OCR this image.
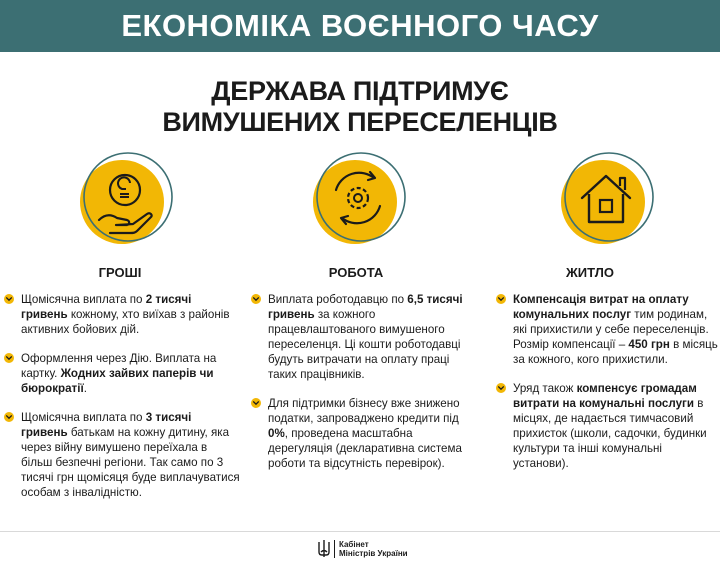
ЕКОНОМІКА ВОЄННОГО ЧАСУ
ДЕРЖАВА ПІДТРИМУЄ
ВИМУШЕНИХ ПЕРЕСЕЛЕНЦІВ
ГРОШІ
Щомісячна виплата по 2 тисячі гривень кожному, хто виїхав з районів активних бойових дій.
Оформлення через Дію. Виплата на картку. Жодних зайвих паперів чи бюрократії.
Щомісячна виплата по 3 тисячі гривень батькам на кожну дитину, яка через війну вимушено переїхала в більш безпечні регіони. Так само по 3 тисячі грн щомісяця буде виплачуватися особам з інвалідністю.
РОБОТА
Виплата роботодавцю по 6,5 тисячі гривень за кожного працевлаштованого вимушеного переселенця. Ці кошти роботодавці будуть витрачати на оплату праці таких працівників.
Для підтримки бізнесу вже знижено податки, запроваджено кредити під 0%, проведена масштабна дерегуляція (декларативна система роботи та відсутність перевірок).
ЖИТЛО
Компенсація витрат на оплату комунальних послуг тим родинам, які прихистили у себе переселенців. Розмір компенсації – 450 грн в місяць за кожного, кого прихистили.
Уряд також компенсує громадам витрати на комунальні послуги в місцях, де надається тимчасовий прихисток (школи, садочки, будинки культури та інші комунальні установи).
Кабінет
Міністрів України
